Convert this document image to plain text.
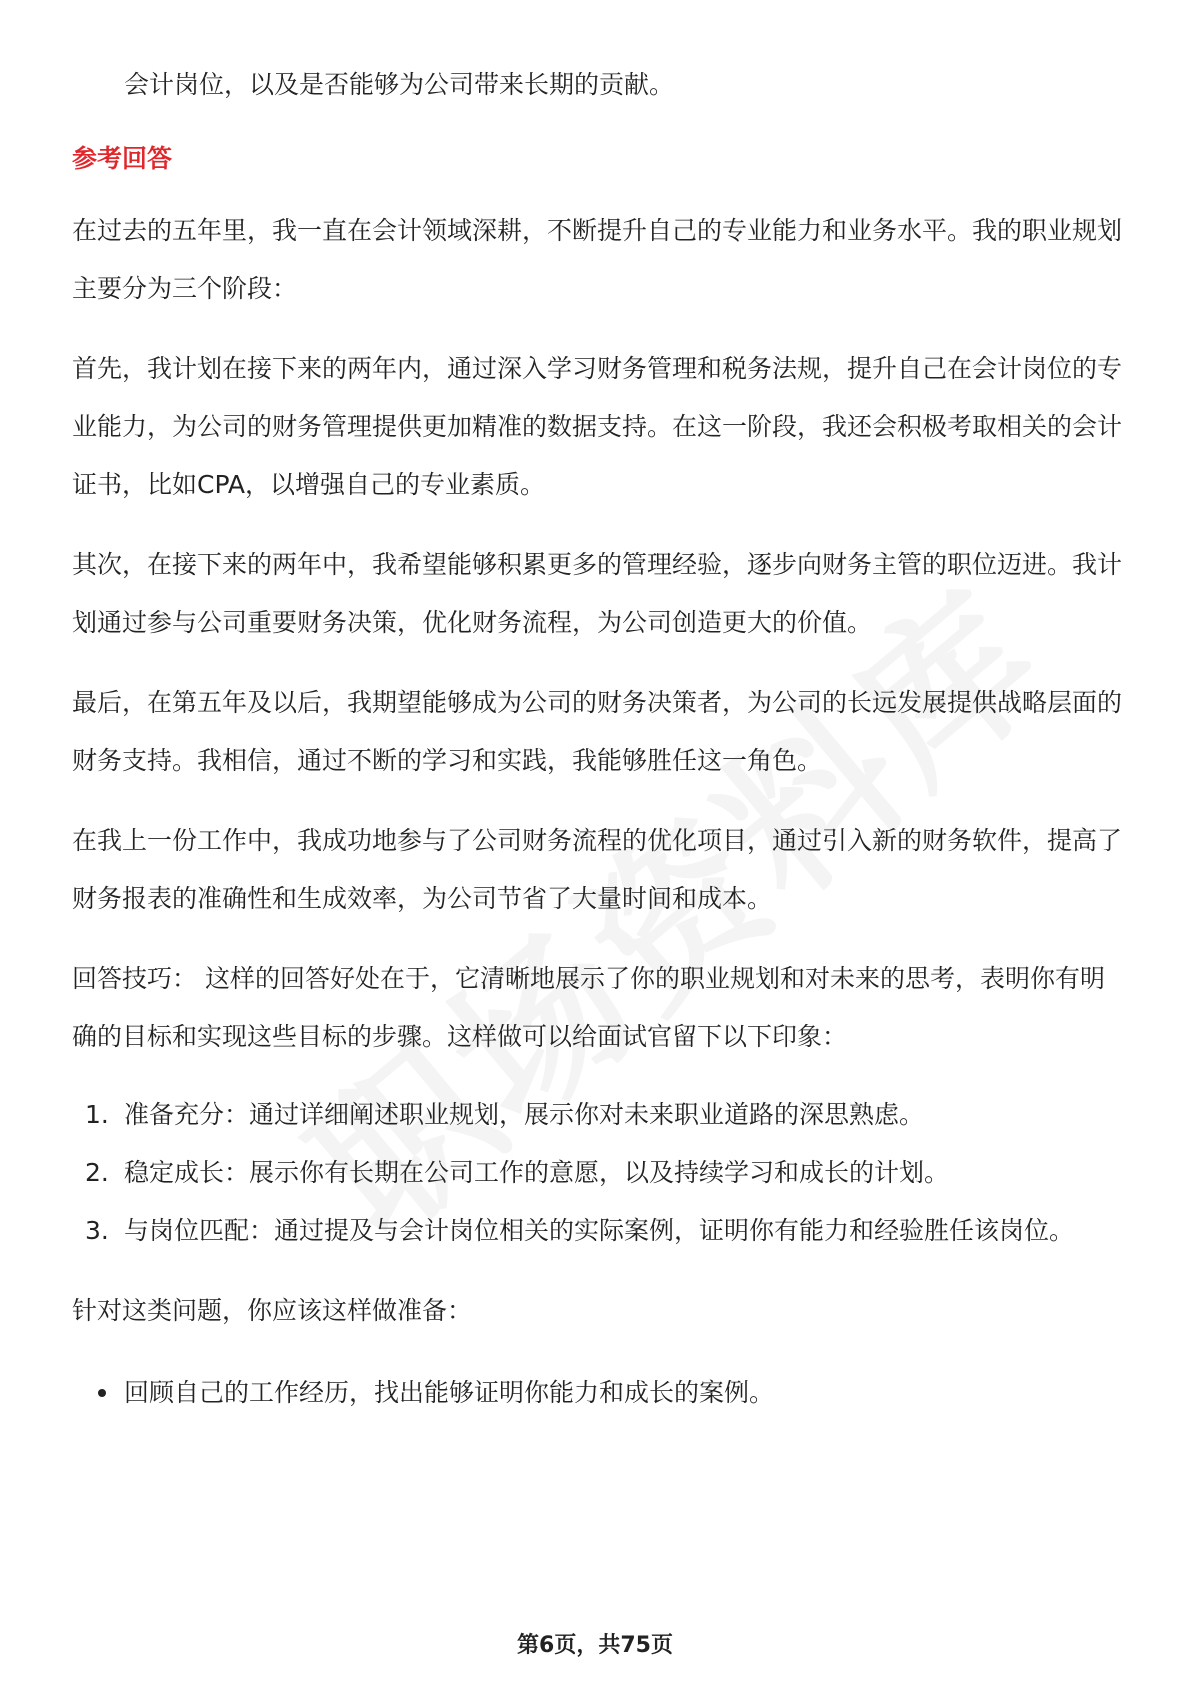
会计岗位，以及是否能够为公司带来长期的贡献。
参考回答
在过去的五年里，我一直在会计领域深耕，不断提升自己的专业能力和业务水平。我的职业规划主要分为三个阶段：
首先，我计划在接下来的两年内，通过深入学习财务管理和税务法规，提升自己在会计岗位的专业能力，为公司的财务管理提供更加精准的数据支持。在这一阶段，我还会积极考取相关的会计证书，比如CPA，以增强自己的专业素质。
其次，在接下来的两年中，我希望能够积累更多的管理经验，逐步向财务主管的职位迈进。我计划通过参与公司重要财务决策，优化财务流程，为公司创造更大的价值。
最后，在第五年及以后，我期望能够成为公司的财务决策者，为公司的长远发展提供战略层面的财务支持。我相信，通过不断的学习和实践，我能够胜任这一角色。
在我上一份工作中，我成功地参与了公司财务流程的优化项目，通过引入新的财务软件，提高了财务报表的准确性和生成效率，为公司节省了大量时间和成本。
回答技巧： 这样的回答好处在于，它清晰地展示了你的职业规划和对未来的思考，表明你有明确的目标和实现这些目标的步骤。这样做可以给面试官留下以下印象：
1. 准备充分：通过详细阐述职业规划，展示你对未来职业道路的深思熟虑。
2. 稳定成长：展示你有长期在公司工作的意愿，以及持续学习和成长的计划。
3. 与岗位匹配：通过提及与会计岗位相关的实际案例，证明你有能力和经验胜任该岗位。
针对这类问题，你应该这样做准备：
回顾自己的工作经历，找出能够证明你能力和成长的案例。
第6页，共75页
